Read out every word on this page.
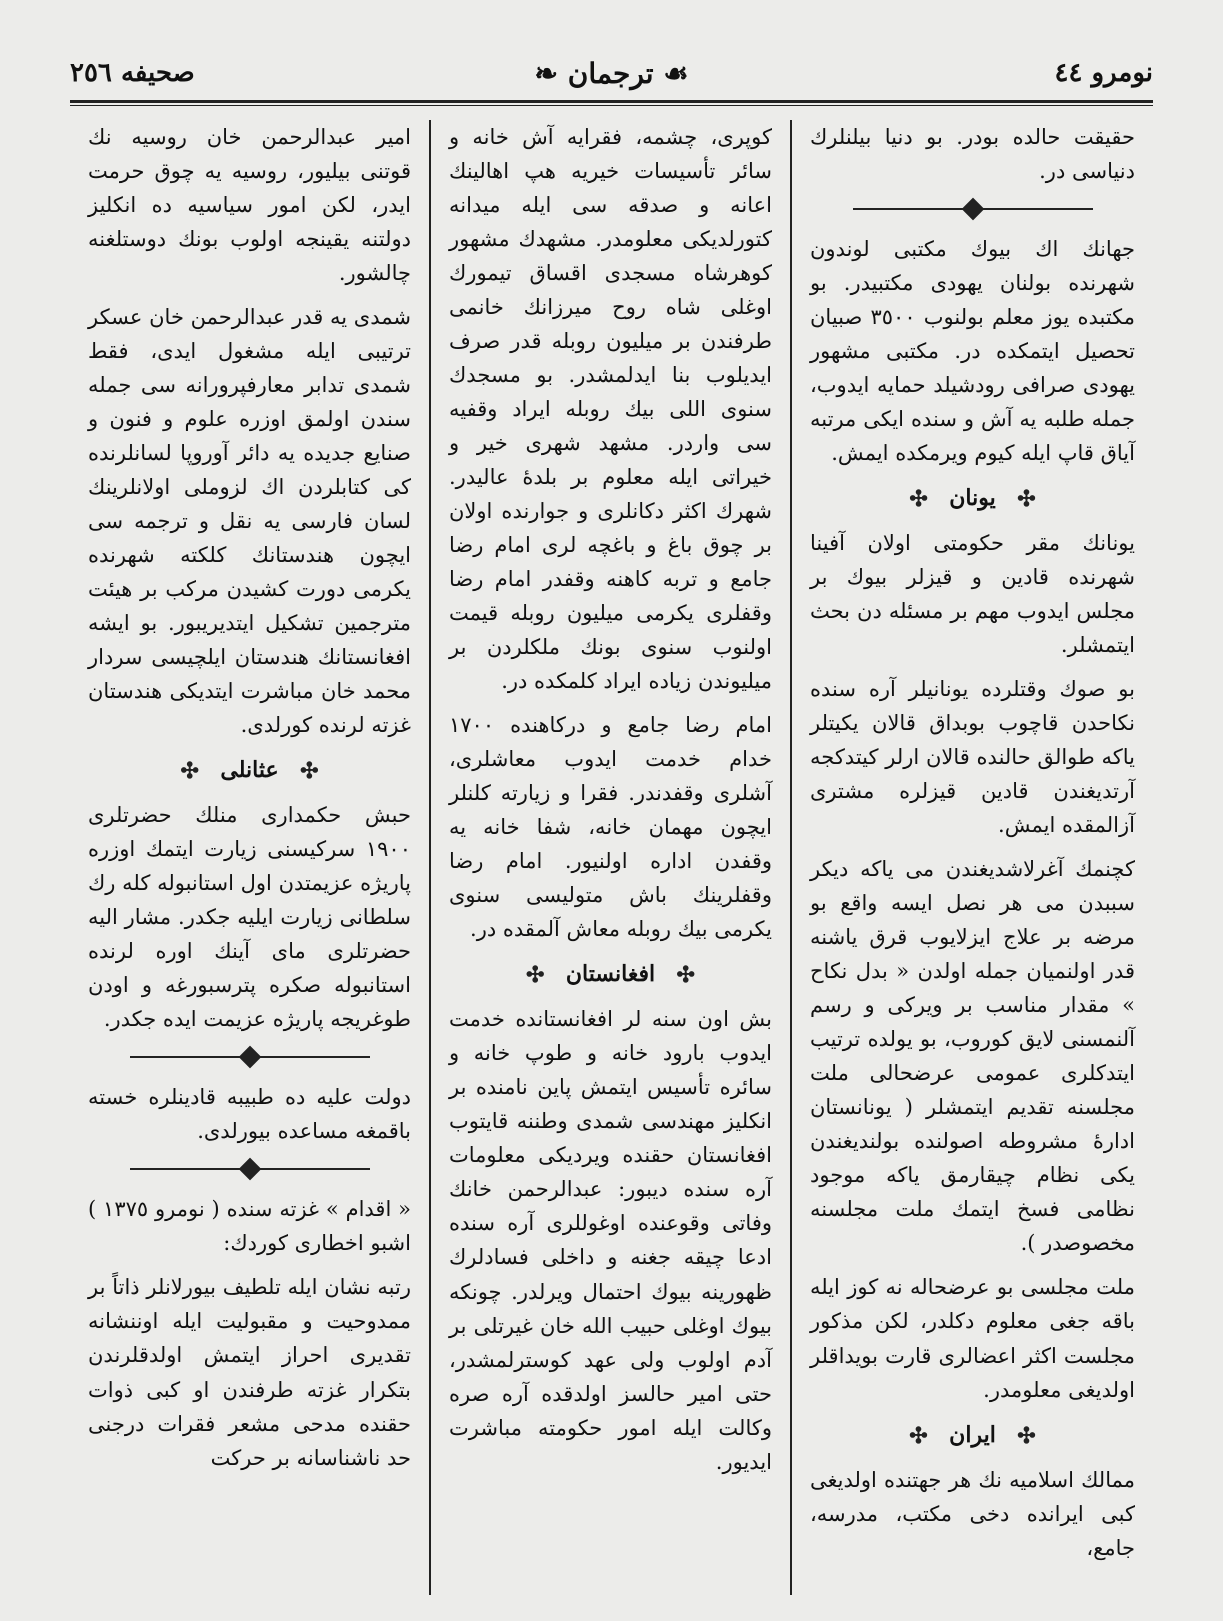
صحيفه ٢٥٦	❧ ترجمان ☙	نومرو ٤٤
حقيقت حالده بودر. بو دنيا بيلنلرك دنياسى در.
جهانك اك بيوك مكتبى لوندون شهرنده بولنان يهودى مكتبيدر. بو مكتبده يوز معلم بولنوب ٣٥٠٠ صبيان تحصيل ايتمكده در. مكتبى مشهور يهودى صرافى رودشيلد حمايه ايدوب، جمله طلبه يه آش و سنده ايكى مرتبه آياق قاپ ايله كيوم ويرمكده ايمش.
✣ يونان ✣
يونانك مقر حكومتى اولان آفينا شهرنده قادين و قيزلر بيوك بر مجلس ايدوب مهم بر مسئله دن بحث ايتمشلر.
بو صوك وقتلرده يونانيلر آره سنده نكاحدن قاچوب بوبداق قالان يكيتلر ياكه طوالق حالنده قالان ارلر كيتدكجه آرتديغندن قادين قيزلره مشترى آزالمقده ايمش.
كچنمك آغرلاشديغندن مى ياكه ديكر سببدن مى هر نصل ايسه واقع بو مرضه بر علاج ايزلايوب قرق ياشنه قدر اولنميان جمله اولدن « بدل نكاح » مقدار مناسب بر ويركى و رسم آلنمسنى لايق كوروب، بو يولده ترتيب ايتدكلرى عمومى عرضحالى ملت مجلسنه تقديم ايتمشلر ( يونانستان ادارهٔ مشروطه اصولنده بولنديغندن يكى نظام چيقارمق ياكه موجود نظامى فسخ ايتمك ملت مجلسنه مخصوصدر ).
ملت مجلسى بو عرضحاله نه كوز ايله باقه جغى معلوم دكلدر، لكن مذكور مجلست اكثر اعضالرى قارت بويداقلر اولديغى معلومدر.
✣ ايران ✣
ممالك اسلاميه نك هر جهتنده اولديغى كبى ايرانده دخى مكتب، مدرسه، جامع،
كوپرى، چشمه، فقرايه آش خانه و سائر تأسيسات خيريه هپ اهالينك اعانه و صدقه سى ايله ميدانه كتورلديكى معلومدر. مشهدك مشهور كوهرشاه مسجدى اقساق تيمورك اوغلى شاه روح ميرزانك خانمى طرفندن بر ميليون روبله قدر صرف ايديلوب بنا ايدلمشدر. بو مسجدك سنوى اللى بيك روبله ايراد وقفيه سى واردر. مشهد شهرى خير و خيراتى ايله معلوم بر بلدهٔ عاليدر. شهرك اكثر دكانلرى و جوارنده اولان بر چوق باغ و باغچه لرى امام رضا جامع و تربه كاهنه وقفدر امام رضا وقفلرى يكرمى ميليون روبله قيمت اولنوب سنوى بونك ملكلردن بر ميليوندن زياده ايراد كلمكده در.
امام رضا جامع و دركاهنده ١٧٠٠ خدام خدمت ايدوب معاشلرى، آشلرى وقفدندر. فقرا و زيارته كلنلر ايچون مهمان خانه، شفا خانه يه وقفدن اداره اولنيور. امام رضا وقفلرينك باش متوليسى سنوى يكرمى بيك روبله معاش آلمقده در.
✣ افغانستان ✣
بش اون سنه لر افغانستانده خدمت ايدوب بارود خانه و طوپ خانه و سائره تأسيس ايتمش پاين نامنده بر انكليز مهندسى شمدى وطننه قايتوب افغانستان حقنده ويرديكى معلومات آره سنده ديبور: عبدالرحمن خانك وفاتى وقوعنده اوغوللرى آره سنده ادعا چيقه جغنه و داخلى فسادلرك ظهورينه بيوك احتمال ويرلدر. چونكه بيوك اوغلى حبيب الله خان غيرتلى بر آدم اولوب ولى عهد كوسترلمشدر، حتى امير حالسز اولدقده آره صره وكالت ايله امور حكومته مباشرت ايديور.
امير عبدالرحمن خان روسيه نك قوتنى بيليور، روسيه يه چوق حرمت ايدر، لكن امور سياسيه ده انكليز دولتنه يقينجه اولوب بونك دوستلغنه چالشور.
شمدى يه قدر عبدالرحمن خان عسكر ترتيبى ايله مشغول ايدى، فقط شمدى تدابر معارفپرورانه سى جمله سندن اولمق اوزره علوم و فنون و صنايع جديده يه دائر آوروپا لسانلرنده كى كتابلردن اك لزوملى اولانلرينك لسان فارسى يه نقل و ترجمه سى ايچون هندستانك كلكته شهرنده يكرمى دورت كشيدن مركب بر هيئت مترجمين تشكيل ايتديريبور. بو ايشه افغانستانك هندستان ايلچيسى سردار محمد خان مباشرت ايتديكى هندستان غزته لرنده كورلدى.
✣ عثانلى ✣
حبش حكمدارى منلك حضرتلرى ١٩٠٠ سركيسنى زيارت ايتمك اوزره پاريژه عزيمتدن اول استانبوله كله رك سلطانى زيارت ايليه جكدر. مشار اليه حضرتلرى ماى آينك اوره لرنده استانبوله صكره پترسبورغه و اودن طوغريجه پاريژه عزيمت ايده جكدر.
دولت عليه ده طبيبه قادينلره خسته باقمغه مساعده بيورلدى.
« اقدام » غزته سنده ( نومرو ١٣٧٥ ) اشبو اخطارى كوردك:
رتبه نشان ايله تلطيف بيورلانلر ذاتاً بر ممدوحيت و مقبوليت ايله اوننشانه تقديرى احراز ايتمش اولدقلرندن بتكرار غزته طرفندن او كبى ذوات حقنده مدحى مشعر فقرات درجنى حد ناشناسانه بر حركت
